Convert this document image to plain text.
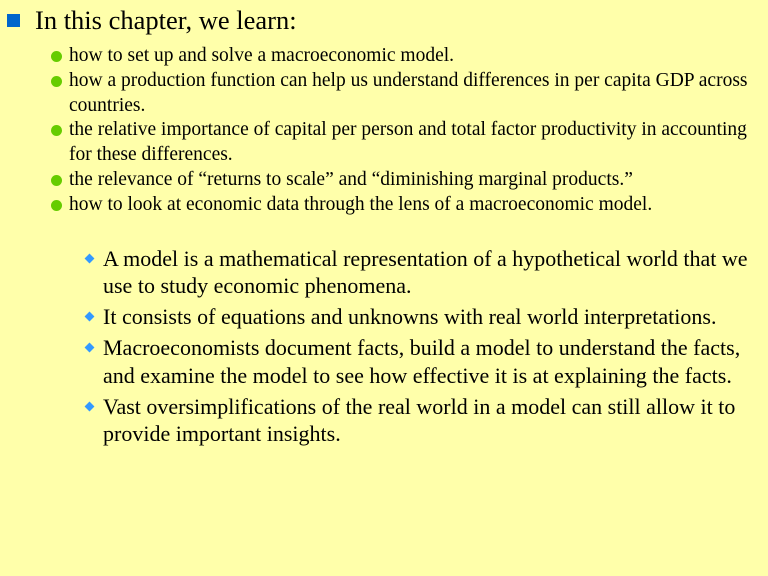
In this chapter, we learn:
how to set up and solve a macroeconomic model.
how a production function can help us understand differences in per capita GDP across countries.
the relative importance of capital per person and total factor productivity in accounting for these differences.
the relevance of “returns to scale” and “diminishing marginal products.”
how to look at economic data through the lens of a macroeconomic model.
A model is a mathematical representation of a hypothetical world that we use to study economic phenomena.
It consists of equations and unknowns with real world interpretations.
Macroeconomists document facts, build a model to understand the facts, and examine the model to see how effective it is at explaining the facts.
Vast oversimplifications of the real world in a model can still allow it to provide important insights.
